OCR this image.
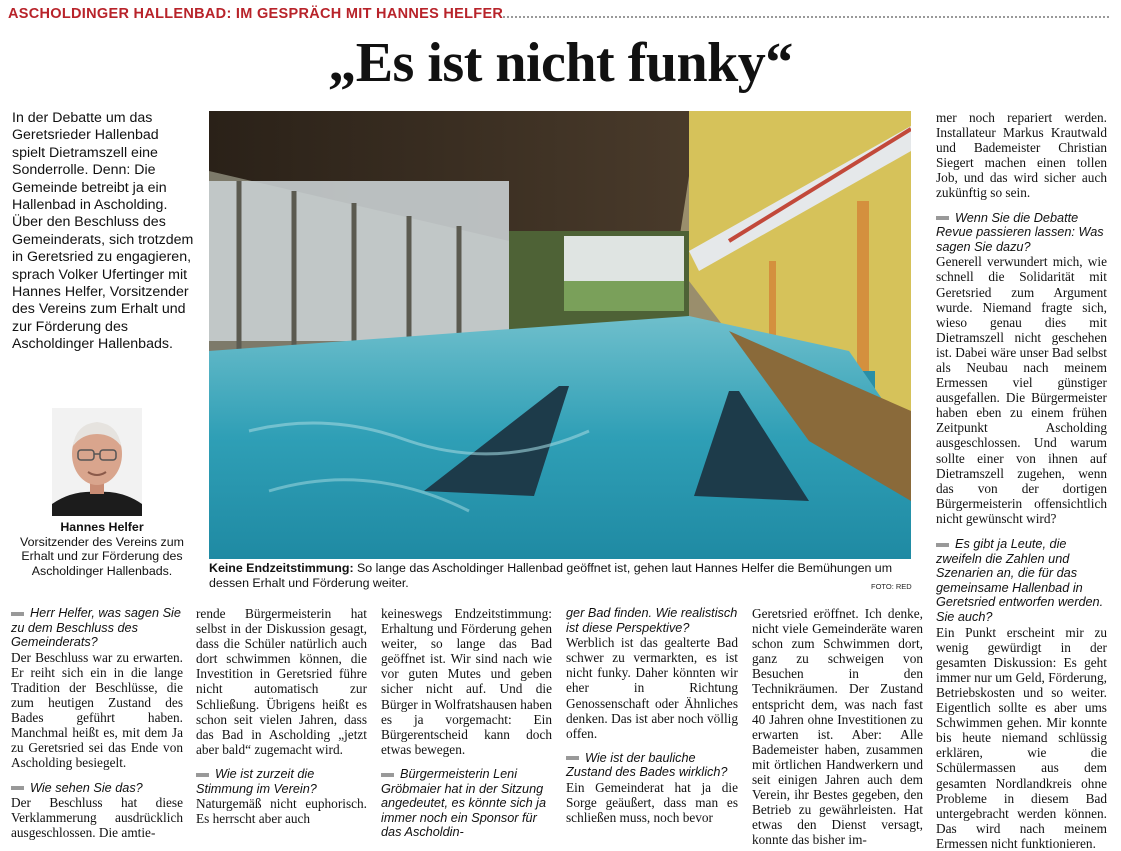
ASCHOLDINGER HALLENBAD: IM GESPRÄCH MIT HANNES HELFER
„Es ist nicht funky“
In der Debatte um das Geretsrieder Hallenbad spielt Dietramszell eine Sonderrolle. Denn: Die Gemeinde betreibt ja ein Hallenbad in Ascholding. Über den Beschluss des Gemeinderats, sich trotzdem in Geretsried zu engagieren, sprach Volker Ufertinger mit Hannes Helfer, Vorsitzender des Vereins zum Erhalt und zur Förderung des Ascholdinger Hallenbads.
Hannes Helfer
Vorsitzender des Vereins zum Erhalt und zur Förderung des Ascholdinger Hallenbads.	Keine Endzeitstimmung: So lange das Ascholdinger Hallenbad geöffnet ist, gehen laut Hannes Helfer die Bemühungen um dessen Erhalt und Förderung weiter.	FOTO: RED

mer noch repariert werden. Installateur Markus Krautwald und Bademeister Christian Siegert machen einen tollen Job, und das wird sicher auch zukünftig so sein.

Wenn Sie die Debatte Revue passieren lassen: Was sagen Sie dazu?

Generell verwundert mich, wie schnell die Solidarität mit Geretsried zum Argument wurde. Niemand fragte sich, wieso genau dies mit Dietramszell nicht geschehen ist. Dabei wäre unser Bad selbst als Neubau nach meinem Ermessen viel günstiger ausgefallen. Die Bürgermeister haben eben zu einem frühen Zeitpunkt Ascholding ausgeschlossen. Und warum sollte einer von ihnen auf Dietramszell zugehen, wenn das von der dortigen Bürgermeisterin offensichtlich nicht gewünscht wird?

Es gibt ja Leute, die zweifeln die Zahlen und Szenarien an, die für das gemeinsame Hallenbad in Geretsried entworfen werden. Sie auch?

Ein Punkt erscheint mir zu wenig gewürdigt in der gesamten Diskussion: Es geht immer nur um Geld, Förderung, Betriebskosten und so weiter. Eigentlich sollte es aber ums Schwimmen gehen. Mir konnte bis heute niemand schlüssig erklären, wie die Schülermassen aus dem gesamten Nordlandkreis ohne Probleme in diesem Bad untergebracht werden können. Das wird nach meinem Ermessen nicht funktionieren.

Herr Helfer, was sagen Sie zu dem Beschluss des Gemeinderats?

Der Beschluss war zu erwarten. Er reiht sich ein in die lange Tradition der Beschlüsse, die zum heutigen Zustand des Bades geführt haben. Manchmal heißt es, mit dem Ja zu Geretsried sei das Ende von Ascholding besiegelt.

Wie sehen Sie das?

Der Beschluss hat diese Verklammerung ausdrücklich ausgeschlossen. Die amtie-

rende Bürgermeisterin hat selbst in der Diskussion gesagt, dass die Schüler natürlich auch dort schwimmen können, die Investition in Geretsried führe nicht automatisch zur Schließung. Übrigens heißt es schon seit vielen Jahren, dass das Bad in Ascholding „jetzt aber bald“ zugemacht wird.

Wie ist zurzeit die Stimmung im Verein?

Naturgemäß nicht euphorisch. Es herrscht aber auch

keineswegs Endzeitstimmung: Erhaltung und Förderung gehen weiter, so lange das Bad geöffnet ist. Wir sind nach wie vor guten Mutes und geben sicher nicht auf. Und die Bürger in Wolfratshausen haben es ja vorgemacht: Ein Bürgerentscheid kann doch etwas bewegen.

Bürgermeisterin Leni Gröbmaier hat in der Sitzung angedeutet, es könnte sich ja immer noch ein Sponsor für das Ascholdin-

ger Bad finden. Wie realistisch ist diese Perspektive?

Werblich ist das gealterte Bad schwer zu vermarkten, es ist nicht funky. Daher könnten wir eher in Richtung Genossenschaft oder Ähnliches denken. Das ist aber noch völlig offen.

Wie ist der bauliche Zustand des Bades wirklich?

Ein Gemeinderat hat ja die Sorge geäußert, dass man es schließen muss, noch bevor

Geretsried eröffnet. Ich denke, nicht viele Gemeinderäte waren schon zum Schwimmen dort, ganz zu schweigen von Besuchen in den Technikräumen. Der Zustand entspricht dem, was nach fast 40 Jahren ohne Investitionen zu erwarten ist. Aber: Alle Bademeister haben, zusammen mit örtlichen Handwerkern und seit einigen Jahren auch dem Verein, ihr Bestes gegeben, den Betrieb zu gewährleisten. Hat etwas den Dienst versagt, konnte das bisher im-
